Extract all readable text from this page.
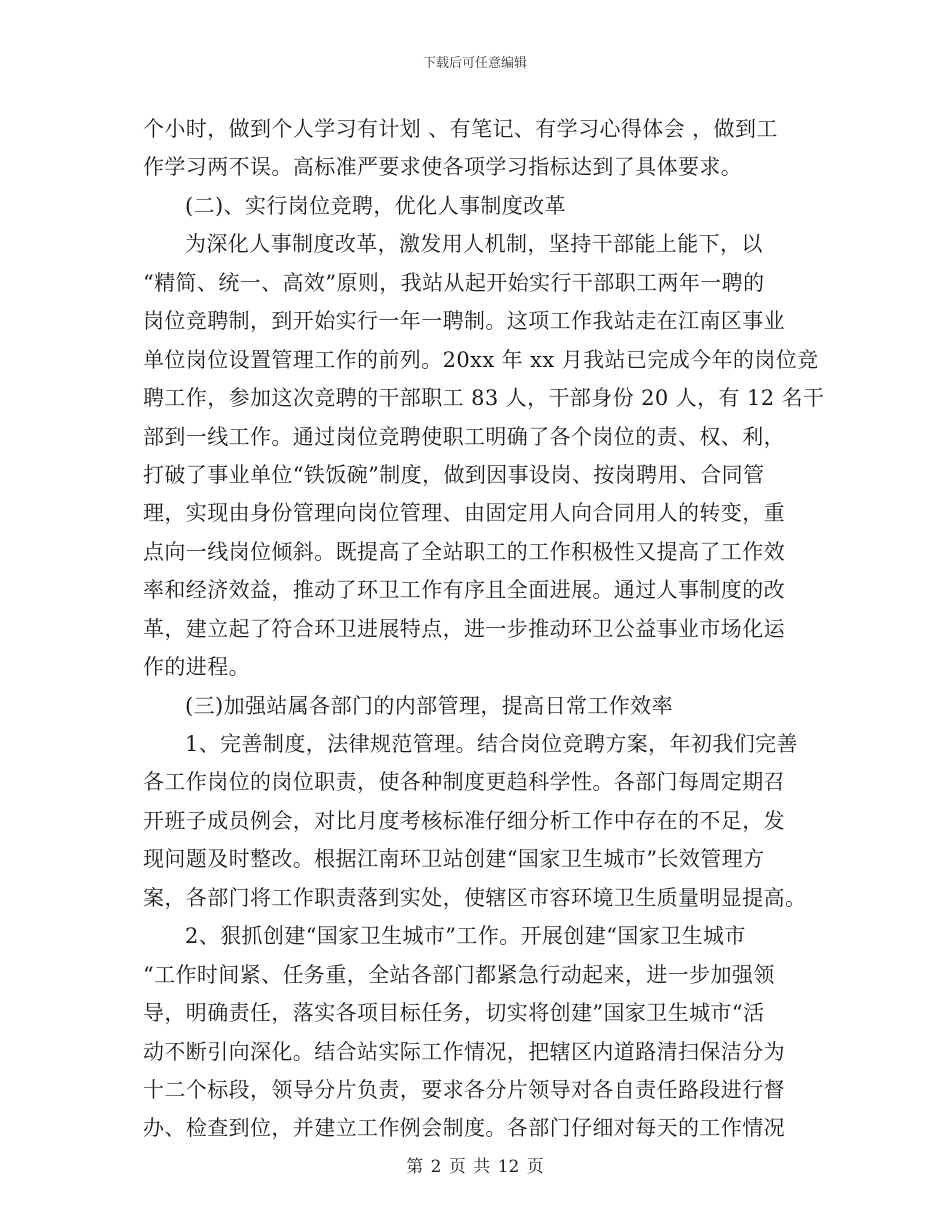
下载后可任意编辑
个小时，做到个人学习有计划 、有笔记、有学习心得体会 ，做到工
作学习两不误。高标准严要求使各项学习指标达到了具体要求。
(二)、实行岗位竞聘，优化人事制度改革
为深化人事制度改革，激发用人机制，坚持干部能上能下，以
“精简、统一、高效”原则，我站从起开始实行干部职工两年一聘的
岗位竞聘制，到开始实行一年一聘制。这项工作我站走在江南区事业
单位岗位设置管理工作的前列。20xx 年 xx 月我站已完成今年的岗位竞
聘工作，参加这次竞聘的干部职工 83 人，干部身份 20 人，有 12 名干
部到一线工作。通过岗位竞聘使职工明确了各个岗位的责、权、利，
打破了事业单位“铁饭碗”制度，做到因事设岗、按岗聘用、合同管
理，实现由身份管理向岗位管理、由固定用人向合同用人的转变，重
点向一线岗位倾斜。既提高了全站职工的工作积极性又提高了工作效
率和经济效益，推动了环卫工作有序且全面进展。通过人事制度的改
革，建立起了符合环卫进展特点，进一步推动环卫公益事业市场化运
作的进程。
(三)加强站属各部门的内部管理，提高日常工作效率
1、完善制度，法律规范管理。结合岗位竞聘方案，年初我们完善
各工作岗位的岗位职责，使各种制度更趋科学性。各部门每周定期召
开班子成员例会，对比月度考核标准仔细分析工作中存在的不足，发
现问题及时整改。根据江南环卫站创建“国家卫生城市”长效管理方
案，各部门将工作职责落到实处，使辖区市容环境卫生质量明显提高。
2、狠抓创建“国家卫生城市”工作。开展创建“国家卫生城市
“工作时间紧、任务重，全站各部门都紧急行动起来，进一步加强领
导，明确责任，落实各项目标任务，切实将创建”国家卫生城市“活
动不断引向深化。结合站实际工作情况，把辖区内道路清扫保洁分为
十二个标段，领导分片负责，要求各分片领导对各自责任路段进行督
办、检查到位，并建立工作例会制度。各部门仔细对每天的工作情况
第 2 页 共 12 页
